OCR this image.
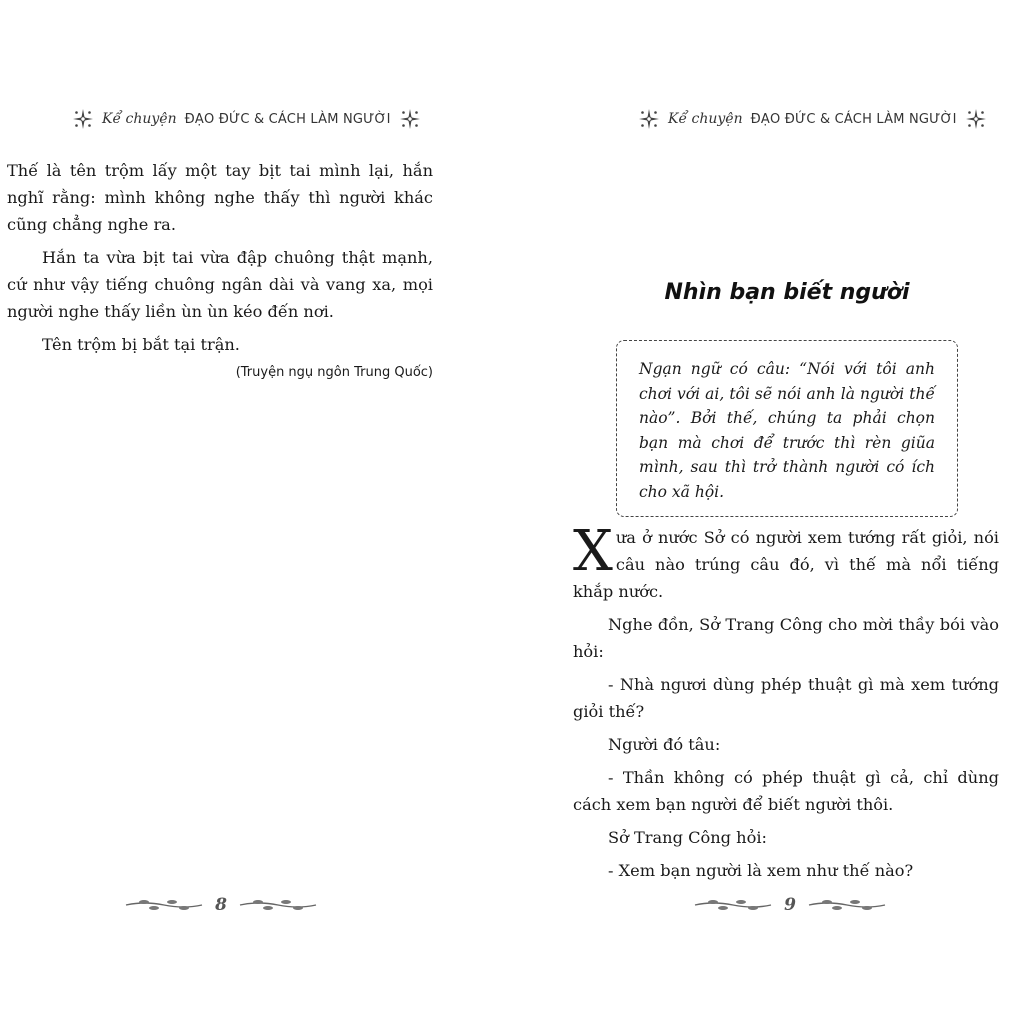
Kể chuyện ĐẠO ĐỨC & CÁCH LÀM NGƯỜI

Thế là tên trộm lấy một tay bịt tai mình lại, hắn nghĩ rằng: mình không nghe thấy thì người khác cũng chẳng nghe ra.

Hắn ta vừa bịt tai vừa đập chuông thật mạnh, cứ như vậy tiếng chuông ngân dài và vang xa, mọi người nghe thấy liền ùn ùn kéo đến nơi.

Tên trộm bị bắt tại trận.

(Truyện ngụ ngôn Trung Quốc)
8
Kể chuyện ĐẠO ĐỨC & CÁCH LÀM NGƯỜI
Nhìn bạn biết người
Ngạn ngữ có câu: “Nói với tôi anh chơi với ai, tôi sẽ nói anh là người thế nào”. Bởi thế, chúng ta phải chọn bạn mà chơi để trước thì rèn giũa mình, sau thì trở thành người có ích cho xã hội.

Xưa ở nước Sở có người xem tướng rất giỏi, nói câu nào trúng câu đó, vì thế mà nổi tiếng khắp nước.

Nghe đồn, Sở Trang Công cho mời thầy bói vào hỏi:

- Nhà ngươi dùng phép thuật gì mà xem tướng giỏi thế?

Người đó tâu:

- Thần không có phép thuật gì cả, chỉ dùng cách xem bạn người để biết người thôi.

Sở Trang Công hỏi:

- Xem bạn người là xem như thế nào?

9
